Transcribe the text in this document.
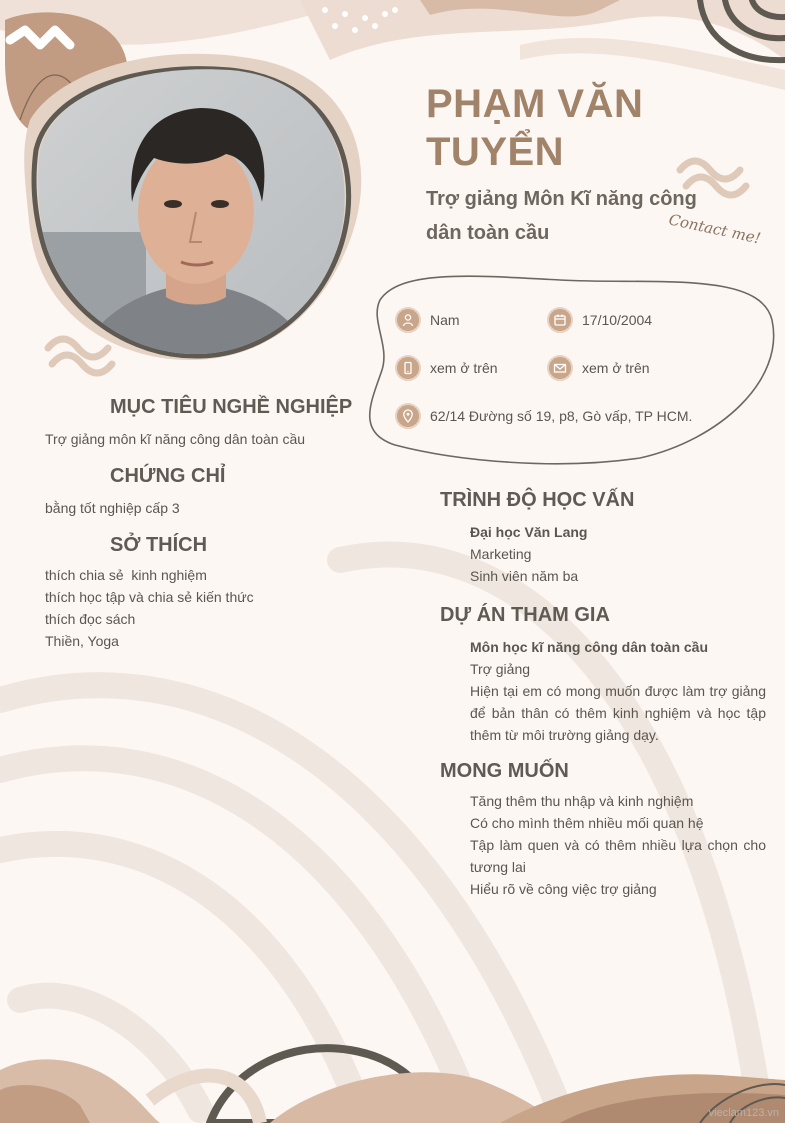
PHẠM VĂN
TUYỂN
Trợ giảng Môn Kĩ năng công dân toàn cầu	Contact me!
Nam	17/10/2004
xem ở trên	xem ở trên
62/14 Đường số 19, p8, Gò vấp, TP HCM.
MỤC TIÊU NGHỀ NGHIỆP
Trợ giảng môn kĩ năng công dân toàn cầu
CHỨNG CHỈ
bằng tốt nghiệp cấp 3
SỞ THÍCH
thích chia sẻ  kinh nghiệm
thích học tập và chia sẻ kiến thức
thích đọc sách
Thiền, Yoga
TRÌNH ĐỘ HỌC VẤN
Đại học Văn Lang
Marketing
Sinh viên năm ba
DỰ ÁN THAM GIA
Môn học kĩ năng công dân toàn cầu
Trợ giảng
Hiện tại em có mong muốn được làm trợ giảng để bản thân có thêm kinh nghiệm và học tập thêm từ môi trường giảng dạy.
MONG MUỐN
Tăng thêm thu nhập và kinh nghiệm
Có cho mình thêm nhiều mối quan hệ
Tập làm quen và có thêm nhiều lựa chọn cho tương lai
Hiểu rõ về công việc trợ giảng
vieclam123.vn
